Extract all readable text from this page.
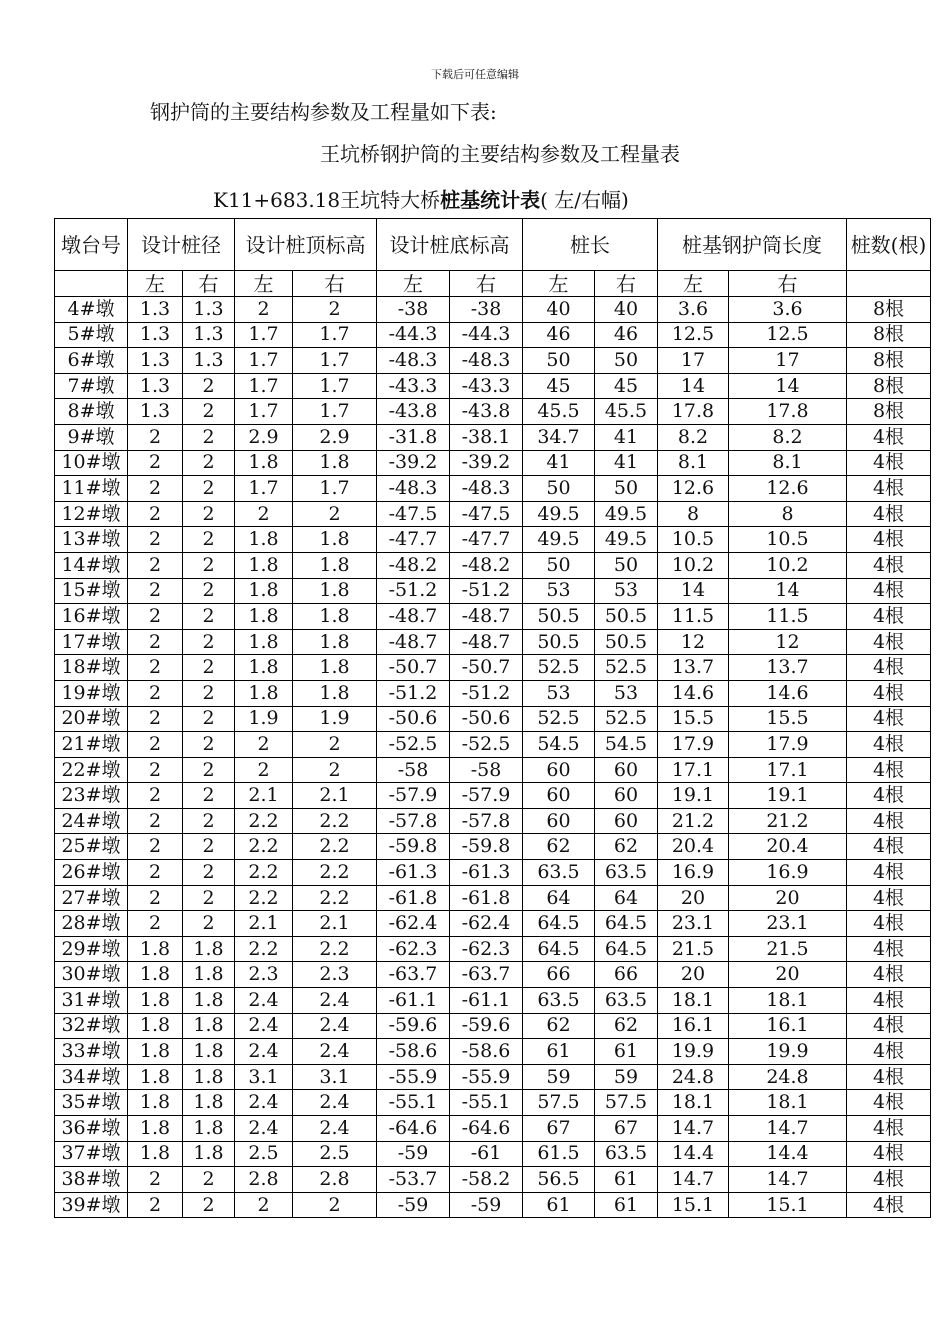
下载后可任意编辑
钢护筒的主要结构参数及工程量如下表:
王坑桥钢护筒的主要结构参数及工程量表
K11+683.18王坑特大桥桩基统计表( 左/右幅)
墩台号	设计桩径		设计桩顶标高		设计桩底标高		桩长		桩基钢护筒长度		桩数(根)
	左	右	左	右	左	右	左	右	左	右	
4#墩	1.3	1.3	2	2	-38	-38	40	40	3.6	3.6	8根
5#墩	1.3	1.3	1.7	1.7	-44.3	-44.3	46	46	12.5	12.5	8根
6#墩	1.3	1.3	1.7	1.7	-48.3	-48.3	50	50	17	17	8根
7#墩	1.3	2	1.7	1.7	-43.3	-43.3	45	45	14	14	8根
8#墩	1.3	2	1.7	1.7	-43.8	-43.8	45.5	45.5	17.8	17.8	8根
9#墩	2	2	2.9	2.9	-31.8	-38.1	34.7	41	8.2	8.2	4根
10#墩	2	2	1.8	1.8	-39.2	-39.2	41	41	8.1	8.1	4根
11#墩	2	2	1.7	1.7	-48.3	-48.3	50	50	12.6	12.6	4根
12#墩	2	2	2	2	-47.5	-47.5	49.5	49.5	8	8	4根
13#墩	2	2	1.8	1.8	-47.7	-47.7	49.5	49.5	10.5	10.5	4根
14#墩	2	2	1.8	1.8	-48.2	-48.2	50	50	10.2	10.2	4根
15#墩	2	2	1.8	1.8	-51.2	-51.2	53	53	14	14	4根
16#墩	2	2	1.8	1.8	-48.7	-48.7	50.5	50.5	11.5	11.5	4根
17#墩	2	2	1.8	1.8	-48.7	-48.7	50.5	50.5	12	12	4根
18#墩	2	2	1.8	1.8	-50.7	-50.7	52.5	52.5	13.7	13.7	4根
19#墩	2	2	1.8	1.8	-51.2	-51.2	53	53	14.6	14.6	4根
20#墩	2	2	1.9	1.9	-50.6	-50.6	52.5	52.5	15.5	15.5	4根
21#墩	2	2	2	2	-52.5	-52.5	54.5	54.5	17.9	17.9	4根
22#墩	2	2	2	2	-58	-58	60	60	17.1	17.1	4根
23#墩	2	2	2.1	2.1	-57.9	-57.9	60	60	19.1	19.1	4根
24#墩	2	2	2.2	2.2	-57.8	-57.8	60	60	21.2	21.2	4根
25#墩	2	2	2.2	2.2	-59.8	-59.8	62	62	20.4	20.4	4根
26#墩	2	2	2.2	2.2	-61.3	-61.3	63.5	63.5	16.9	16.9	4根
27#墩	2	2	2.2	2.2	-61.8	-61.8	64	64	20	20	4根
28#墩	2	2	2.1	2.1	-62.4	-62.4	64.5	64.5	23.1	23.1	4根
29#墩	1.8	1.8	2.2	2.2	-62.3	-62.3	64.5	64.5	21.5	21.5	4根
30#墩	1.8	1.8	2.3	2.3	-63.7	-63.7	66	66	20	20	4根
31#墩	1.8	1.8	2.4	2.4	-61.1	-61.1	63.5	63.5	18.1	18.1	4根
32#墩	1.8	1.8	2.4	2.4	-59.6	-59.6	62	62	16.1	16.1	4根
33#墩	1.8	1.8	2.4	2.4	-58.6	-58.6	61	61	19.9	19.9	4根
34#墩	1.8	1.8	3.1	3.1	-55.9	-55.9	59	59	24.8	24.8	4根
35#墩	1.8	1.8	2.4	2.4	-55.1	-55.1	57.5	57.5	18.1	18.1	4根
36#墩	1.8	1.8	2.4	2.4	-64.6	-64.6	67	67	14.7	14.7	4根
37#墩	1.8	1.8	2.5	2.5	-59	-61	61.5	63.5	14.4	14.4	4根
38#墩	2	2	2.8	2.8	-53.7	-58.2	56.5	61	14.7	14.7	4根
39#墩	2	2	2	2	-59	-59	61	61	15.1	15.1	4根
